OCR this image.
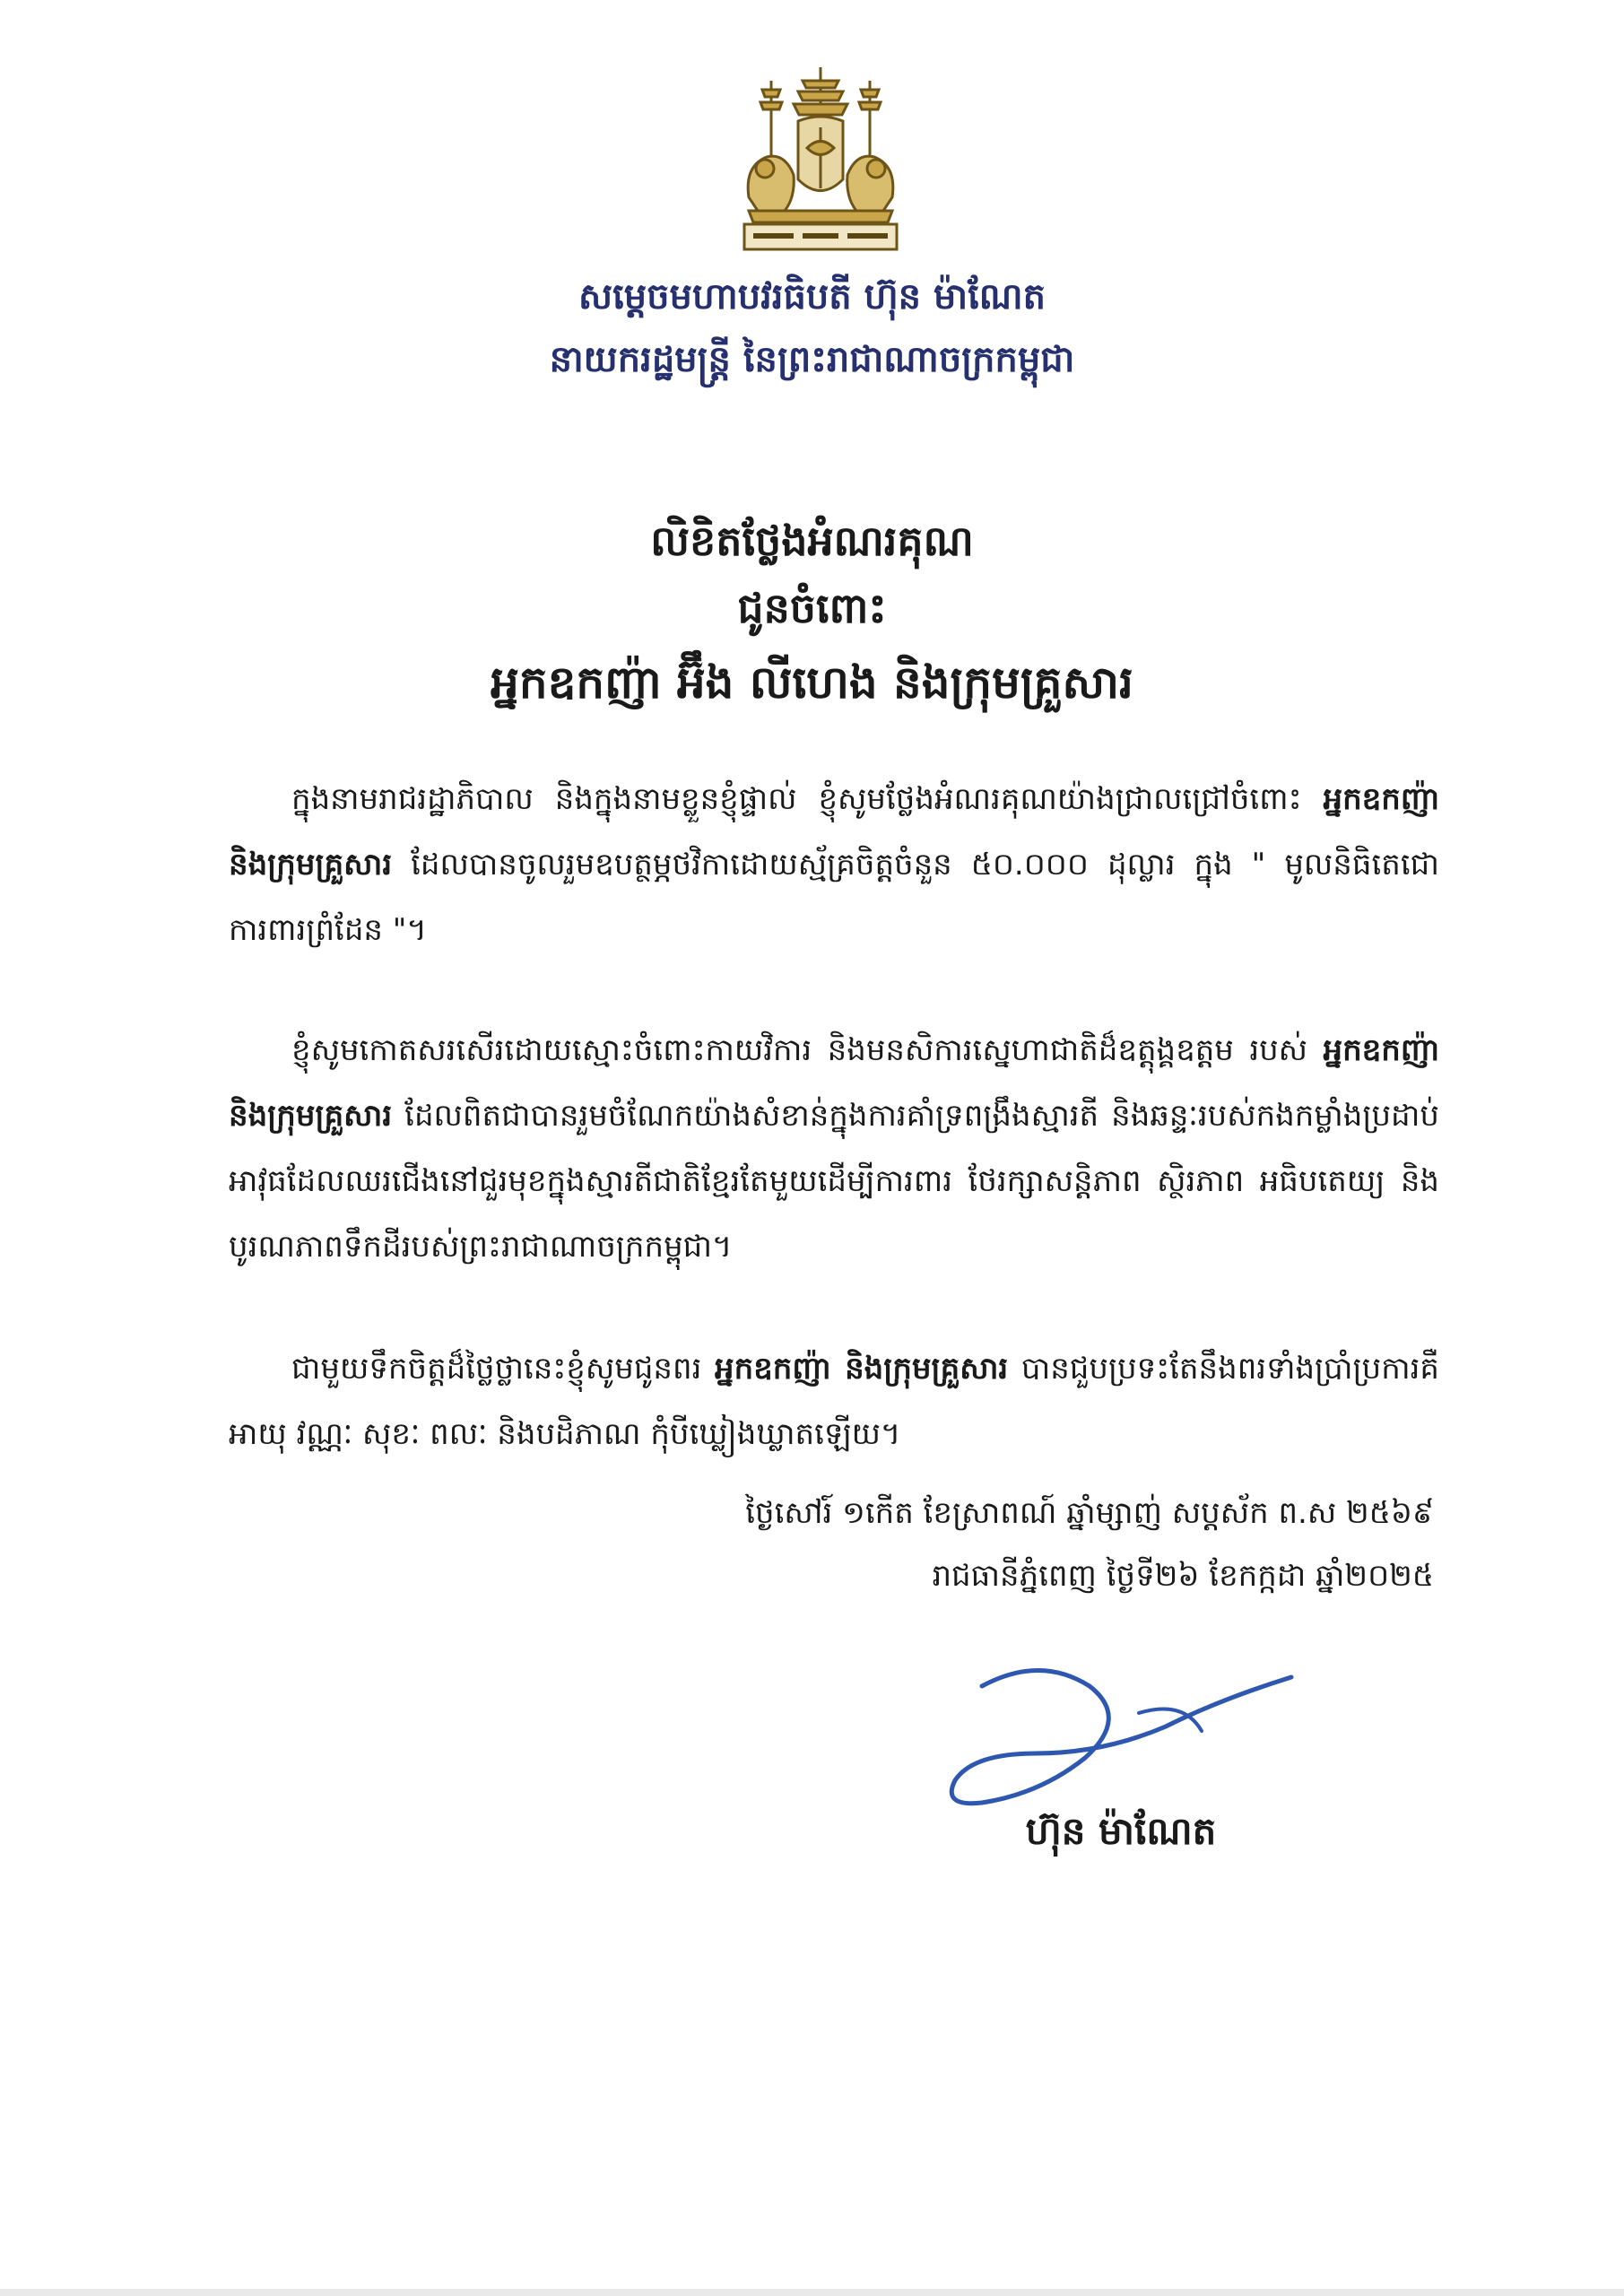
សម្តេចមហាបវរធិបតី ហ៊ុន ម៉ាណែត
នាយករដ្ឋមន្ត្រី នៃព្រះរាជាណាចក្រកម្ពុជា
លិខិតថ្លែងអំណរគុណ
ជូនចំពោះ
អ្នកឧកញ៉ា អ៊ឹង លីហេង និងក្រុមគ្រួសារ

ក្នុងនាមរាជរដ្ឋាភិបាល និងក្នុងនាមខ្លួនខ្ញុំផ្ទាល់ ខ្ញុំសូមថ្លែងអំណរគុណយ៉ាងជ្រាលជ្រៅចំពោះ អ្នកឧកញ៉ា និងក្រុមគ្រួសារ ដែលបានចូលរួមឧបត្ថម្ភថវិកាដោយស្ម័គ្រចិត្តចំនួន ៥០.០០០ ដុល្លារ ក្នុង " មូលនិធិតេជោការពារព្រំដែន "។

ខ្ញុំសូមកោតសរសើរដោយស្មោះចំពោះកាយវិការ និងមនសិការស្នេហាជាតិដ៏ឧត្តុង្គឧត្តម របស់ អ្នកឧកញ៉ា និងក្រុមគ្រួសារ ដែលពិតជាបានរួមចំណែកយ៉ាងសំខាន់ក្នុងការគាំទ្រពង្រឹងស្មារតី និងឆន្ទៈរបស់កងកម្លាំងប្រដាប់អាវុធដែលឈរជើងនៅជួរមុខក្នុងស្មារតីជាតិខ្មែរតែមួយដើម្បីការពារ ថែរក្សាសន្តិភាព ស្ថិរភាព អធិបតេយ្យ និងបូរណភាពទឹកដីរបស់ព្រះរាជាណាចក្រកម្ពុជា។

ជាមួយទឹកចិត្តដ៏ថ្លៃថ្លានេះខ្ញុំសូមជូនពរ អ្នកឧកញ៉ា និងក្រុមគ្រួសារ បានជួបប្រទះតែនឹងពរទាំងប្រាំប្រការគឺ អាយុ វណ្ណៈ សុខៈ ពលៈ និងបដិភាណ កុំបីឃ្លៀងឃ្លាតឡើយ។

ថ្ងៃសៅរ៍ ១កើត ខែស្រាពណ៍ ឆ្នាំម្សាញ់ សប្តស័ក ព.ស ២៥៦៩
រាជធានីភ្នំពេញ ថ្ងៃទី២៦ ខែកក្កដា ឆ្នាំ២០២៥
ហ៊ុន ម៉ាណែត
